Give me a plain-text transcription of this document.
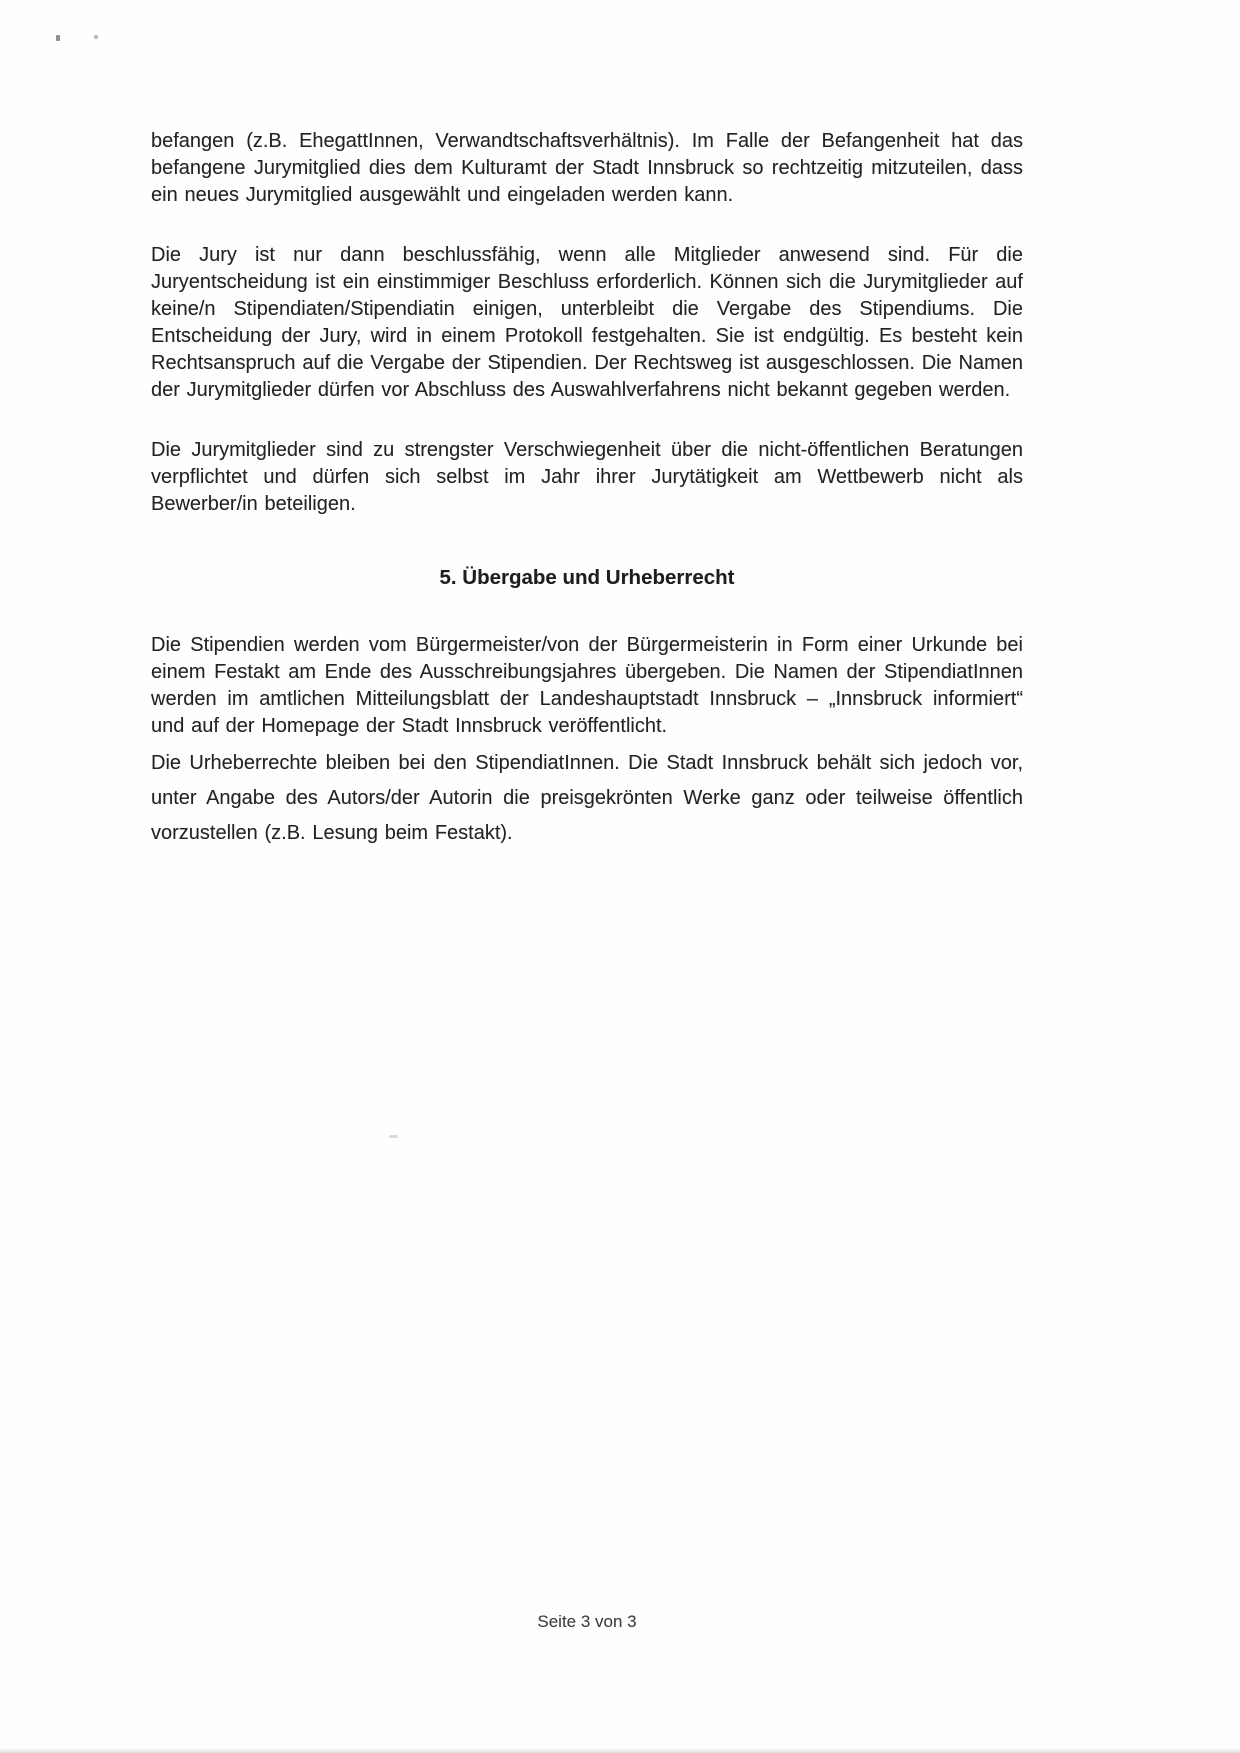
befangen (z.B. EhegattInnen, Verwandtschaftsverhältnis). Im Falle der Befangenheit hat das befangene Jurymitglied dies dem Kulturamt der Stadt Innsbruck so rechtzeitig mitzuteilen, dass ein neues Jurymitglied ausgewählt und eingeladen werden kann.

Die Jury ist nur dann beschlussfähig, wenn alle Mitglieder anwesend sind. Für die Juryentscheidung ist ein einstimmiger Beschluss erforderlich. Können sich die Jurymitglieder auf keine/n Stipendiaten/Stipendiatin einigen, unterbleibt die Vergabe des Stipendiums. Die Entscheidung der Jury, wird in einem Protokoll festgehalten. Sie ist endgültig. Es besteht kein Rechtsanspruch auf die Vergabe der Stipendien. Der Rechtsweg ist ausgeschlossen. Die Namen der Jurymitglieder dürfen vor Abschluss des Auswahlverfahrens nicht bekannt gegeben werden.

Die Jurymitglieder sind zu strengster Verschwiegenheit über die nicht-öffentlichen Beratungen verpflichtet und dürfen sich selbst im Jahr ihrer Jurytätigkeit am Wettbewerb nicht als Bewerber/in beteiligen.

5. Übergabe und Urheberrecht

Die Stipendien werden vom Bürgermeister/von der Bürgermeisterin in Form einer Urkunde bei einem Festakt am Ende des Ausschreibungsjahres übergeben. Die Namen der StipendiatInnen werden im amtlichen Mitteilungsblatt der Landeshauptstadt Innsbruck – „Innsbruck informiert“ und auf der Homepage der Stadt Innsbruck veröffentlicht.

Die Urheberrechte bleiben bei den StipendiatInnen. Die Stadt Innsbruck behält sich jedoch vor, unter Angabe des Autors/der Autorin die preisgekrönten Werke ganz oder teilweise öffentlich vorzustellen (z.B. Lesung beim Festakt).

Seite 3 von 3
